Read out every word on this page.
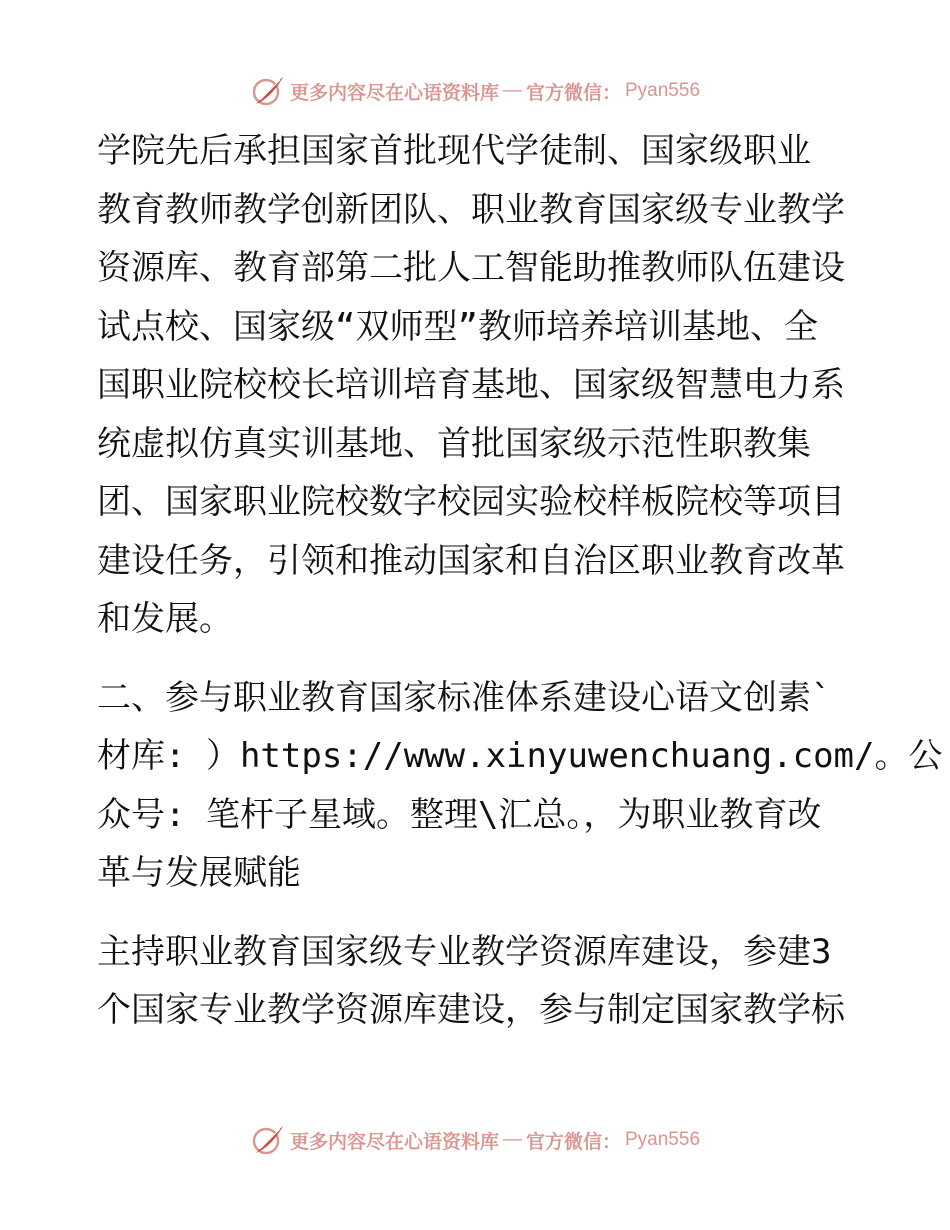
更多内容尽在心语资料库 — 官方微信： Pyan556

学院先后承担国家首批现代学徒制、国家级职业
教育教师教学创新团队、职业教育国家级专业教学
资源库、教育部第二批人工智能助推教师队伍建设
试点校、国家级“双师型”教师培养培训基地、全
国职业院校校长培训培育基地、国家级智慧电力系
统虚拟仿真实训基地、首批国家级示范性职教集
团、国家职业院校数字校园实验校样板院校等项目
建设任务，引领和推动国家和自治区职业教育改革
和发展。

二、参与职业教育国家标准体系建设心语文创素`
材库: ）https://www.xinyuwenchuang.com/。公
众号: 笔杆子星域。整理\汇总。，为职业教育改
革与发展赋能

主持职业教育国家级专业教学资源库建设，参建3
个国家专业教学资源库建设，参与制定国家教学标

更多内容尽在心语资料库 — 官方微信： Pyan556
